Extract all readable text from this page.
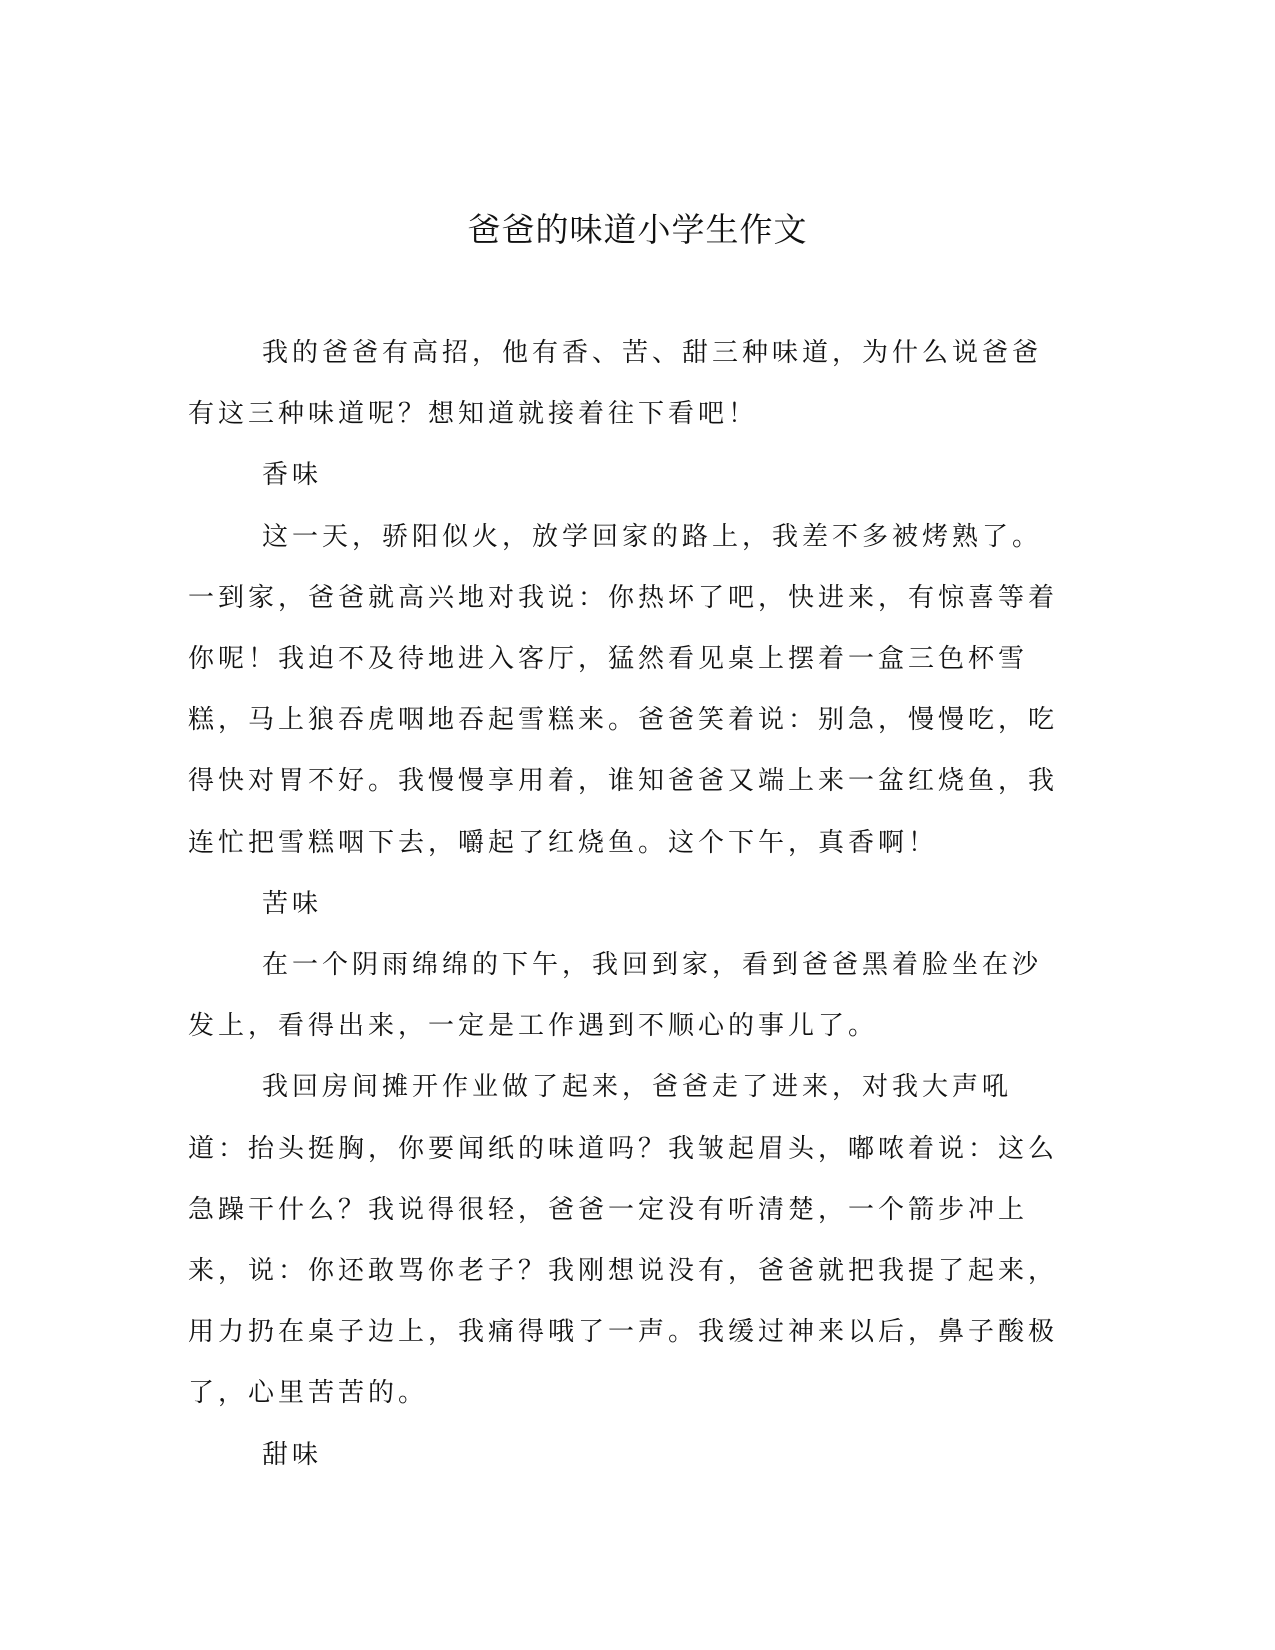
爸爸的味道小学生作文

我的爸爸有高招，他有香、苦、甜三种味道，为什么说爸爸有这三种味道呢？想知道就接着往下看吧！

香味

这一天，骄阳似火，放学回家的路上，我差不多被烤熟了。一到家，爸爸就高兴地对我说：你热坏了吧，快进来，有惊喜等着你呢！我迫不及待地进入客厅，猛然看见桌上摆着一盒三色杯雪糕，马上狼吞虎咽地吞起雪糕来。爸爸笑着说：别急，慢慢吃，吃得快对胃不好。我慢慢享用着，谁知爸爸又端上来一盆红烧鱼，我连忙把雪糕咽下去，嚼起了红烧鱼。这个下午，真香啊！

苦味

在一个阴雨绵绵的下午，我回到家，看到爸爸黑着脸坐在沙发上，看得出来，一定是工作遇到不顺心的事儿了。

我回房间摊开作业做了起来，爸爸走了进来，对我大声吼道：抬头挺胸，你要闻纸的味道吗？我皱起眉头，嘟哝着说：这么急躁干什么？我说得很轻，爸爸一定没有听清楚，一个箭步冲上来，说：你还敢骂你老子？我刚想说没有，爸爸就把我提了起来，用力扔在桌子边上，我痛得哦了一声。我缓过神来以后，鼻子酸极了，心里苦苦的。

甜味
